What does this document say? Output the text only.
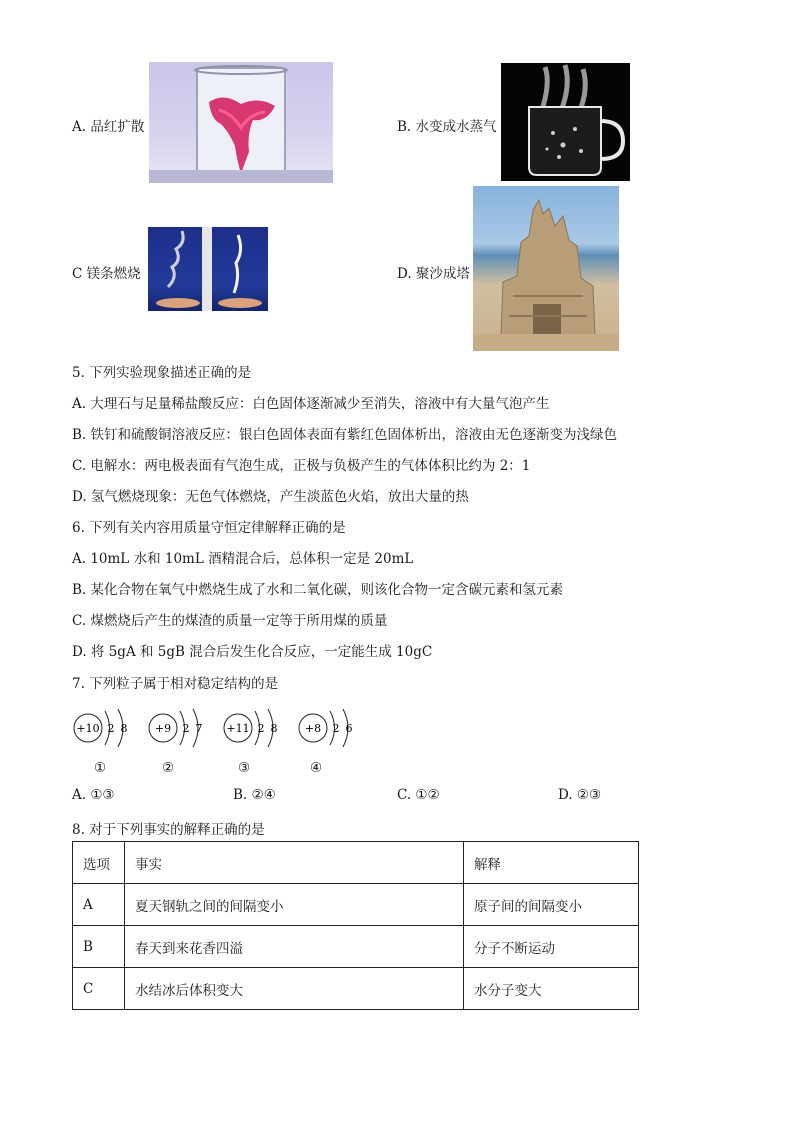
A. 品红扩散	B. 水变成水蒸气
C 镁条燃烧	D. 聚沙成塔
5. 下列实验现象描述正确的是
A. 大理石与足量稀盐酸反应：白色固体逐渐减少至消失，溶液中有大量气泡产生
B. 铁钉和硫酸铜溶液反应：银白色固体表面有紫红色固体析出，溶液由无色逐渐变为浅绿色
C. 电解水：两电极表面有气泡生成，正极与负极产生的气体体积比约为 2：1
D. 氢气燃烧现象：无色气体燃烧，产生淡蓝色火焰，放出大量的热
6. 下列有关内容用质量守恒定律解释正确的是
A. 10mL 水和 10mL 酒精混合后，总体积一定是 20mL
B. 某化合物在氧气中燃烧生成了水和二氧化碳，则该化合物一定含碳元素和氢元素
C. 煤燃烧后产生的煤渣的质量一定等于所用煤的质量
D. 将 5gA 和 5gB 混合后发生化合反应，一定能生成 10gC
7. 下列粒子属于相对稳定结构的是
+10 2 8 +9 2 7 +11 2 8 +8 2 6
①	②	③	④
A. ①③	B. ②④	C. ①②	D. ②③
8. 对于下列事实的解释正确的是
选项	事实	解释
A	夏天钢轨之间的间隔变小	原子间的间隔变小
B	春天到来花香四溢	分子不断运动
C	水结冰后体积变大	水分子变大
